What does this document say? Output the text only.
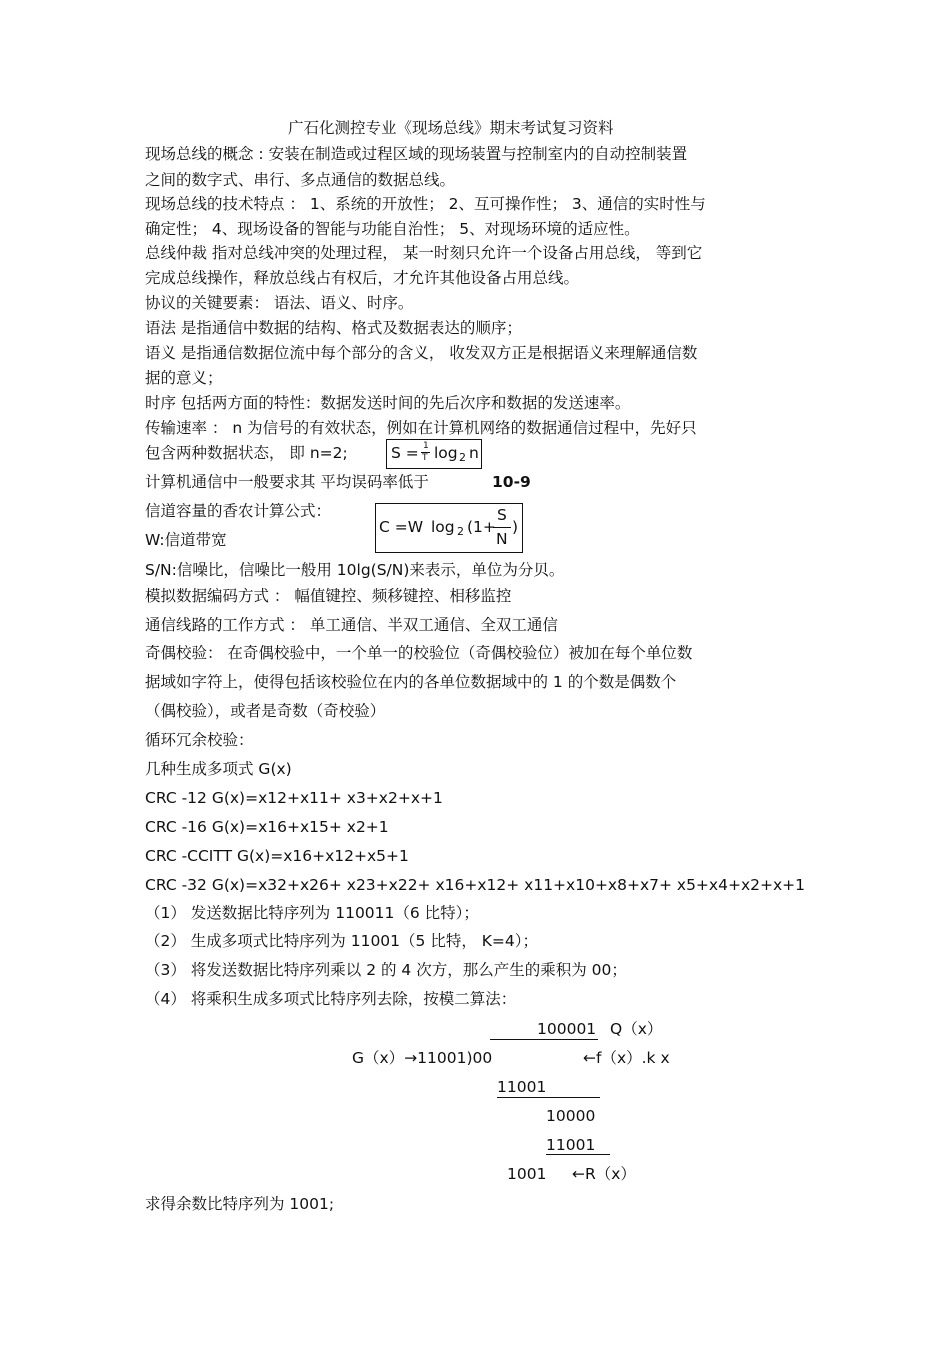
广石化测控专业《现场总线》期末考试复习资料
现场总线的概念 : 安装在制造或过程区域的现场装置与控制室内的自动控制装置
之间的数字式、串行、多点通信的数据总线。
现场总线的技术特点 ： 1、系统的开放性； 2、互可操作性； 3、通信的实时性与
确定性； 4、现场设备的智能与功能自治性； 5、对现场环境的适应性。
总线仲裁 指对总线冲突的处理过程， 某一时刻只允许一个设备占用总线， 等到它
完成总线操作，释放总线占有权后，才允许其他设备占用总线。
协议的关键要素： 语法、语义、时序。
语法 是指通信中数据的结构、格式及数据表达的顺序；
语义 是指通信数据位流中每个部分的含义， 收发双方正是根据语义来理解通信数
据的意义；
时序 包括两方面的特性：数据发送时间的先后次序和数据的发送速率。
传输速率 ： n 为信号的有效状态，例如在计算机网络的数据通信过程中，先好只
包含两种数据状态， 即 n=2;	S = 1
T log 2 n
计算机通信中一般要求其 平均误码率低于	10-9
信道容量的香农计算公式：
W:信道带宽
C =W log 2 (1+
S
N
)
S/N:信噪比，信噪比一般用 10lg(S/N)来表示，单位为分贝。
模拟数据编码方式 ： 幅值键控、频移键控、相移监控
通信线路的工作方式 ： 单工通信、半双工通信、全双工通信
奇偶校验： 在奇偶校验中，一个单一的校验位（奇偶校验位）被加在每个单位数
据域如字符上，使得包括该校验位在内的各单位数据域中的 1 的个数是偶数个
（偶校验），或者是奇数（奇校验）
循环冗余校验：
几种生成多项式 G(x)
CRC -12 G(x)=x12+x11+ x3+x2+x+1
CRC -16 G(x)=x16+x15+ x2+1
CRC -CCITT G(x)=x16+x12+x5+1
CRC -32 G(x)=x32+x26+ x23+x22+ x16+x12+ x11+x10+x8+x7+ x5+x4+x2+x+1
（1） 发送数据比特序列为 110011（6 比特）；
（2） 生成多项式比特序列为 11001（5 比特， K=4）；
（3） 将发送数据比特序列乘以 2 的 4 次方，那么产生的乘积为 00；
（4） 将乘积生成多项式比特序列去除，按模二算法：
100001 Q（x）
G（x）→11001)00	←f（x）.k x
11001
10000
11001
1001 ←R（x）
求得余数比特序列为 1001;
